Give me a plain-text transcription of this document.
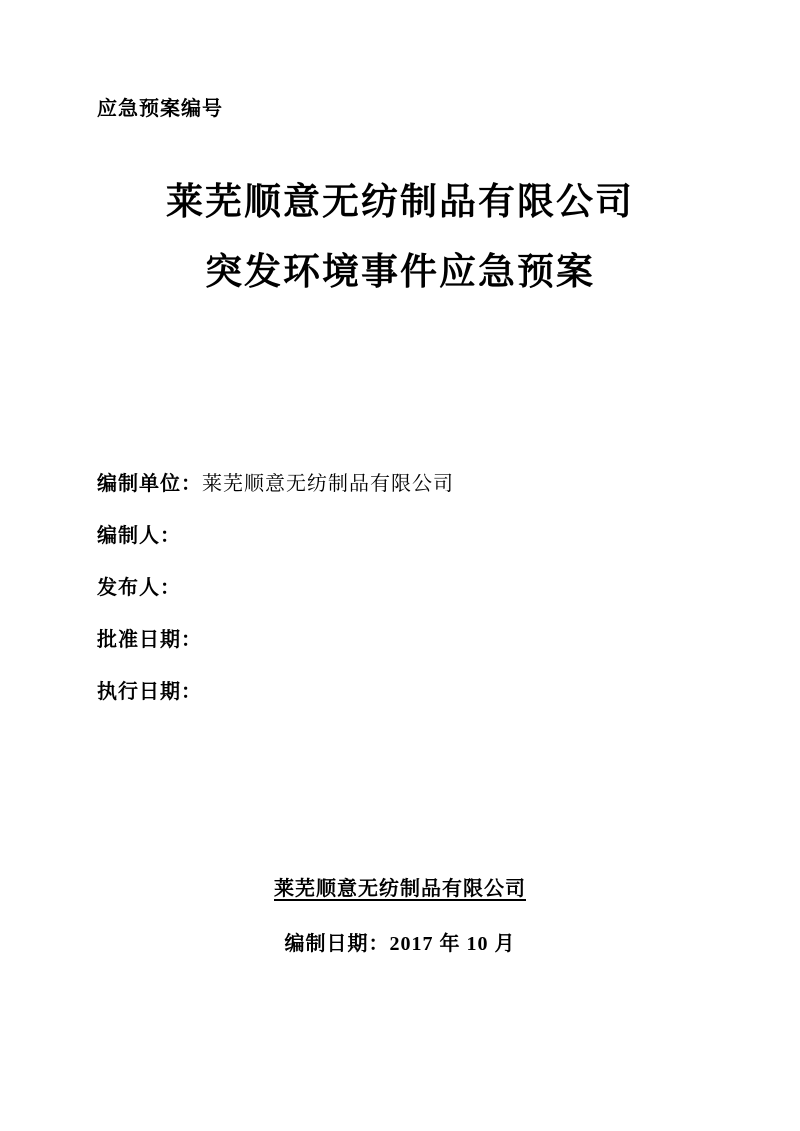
应急预案编号
莱芜顺意无纺制品有限公司
突发环境事件应急预案
编制单位：莱芜顺意无纺制品有限公司
编制人：
发布人：
批准日期：
执行日期：
莱芜顺意无纺制品有限公司
编制日期：2017 年 10 月
